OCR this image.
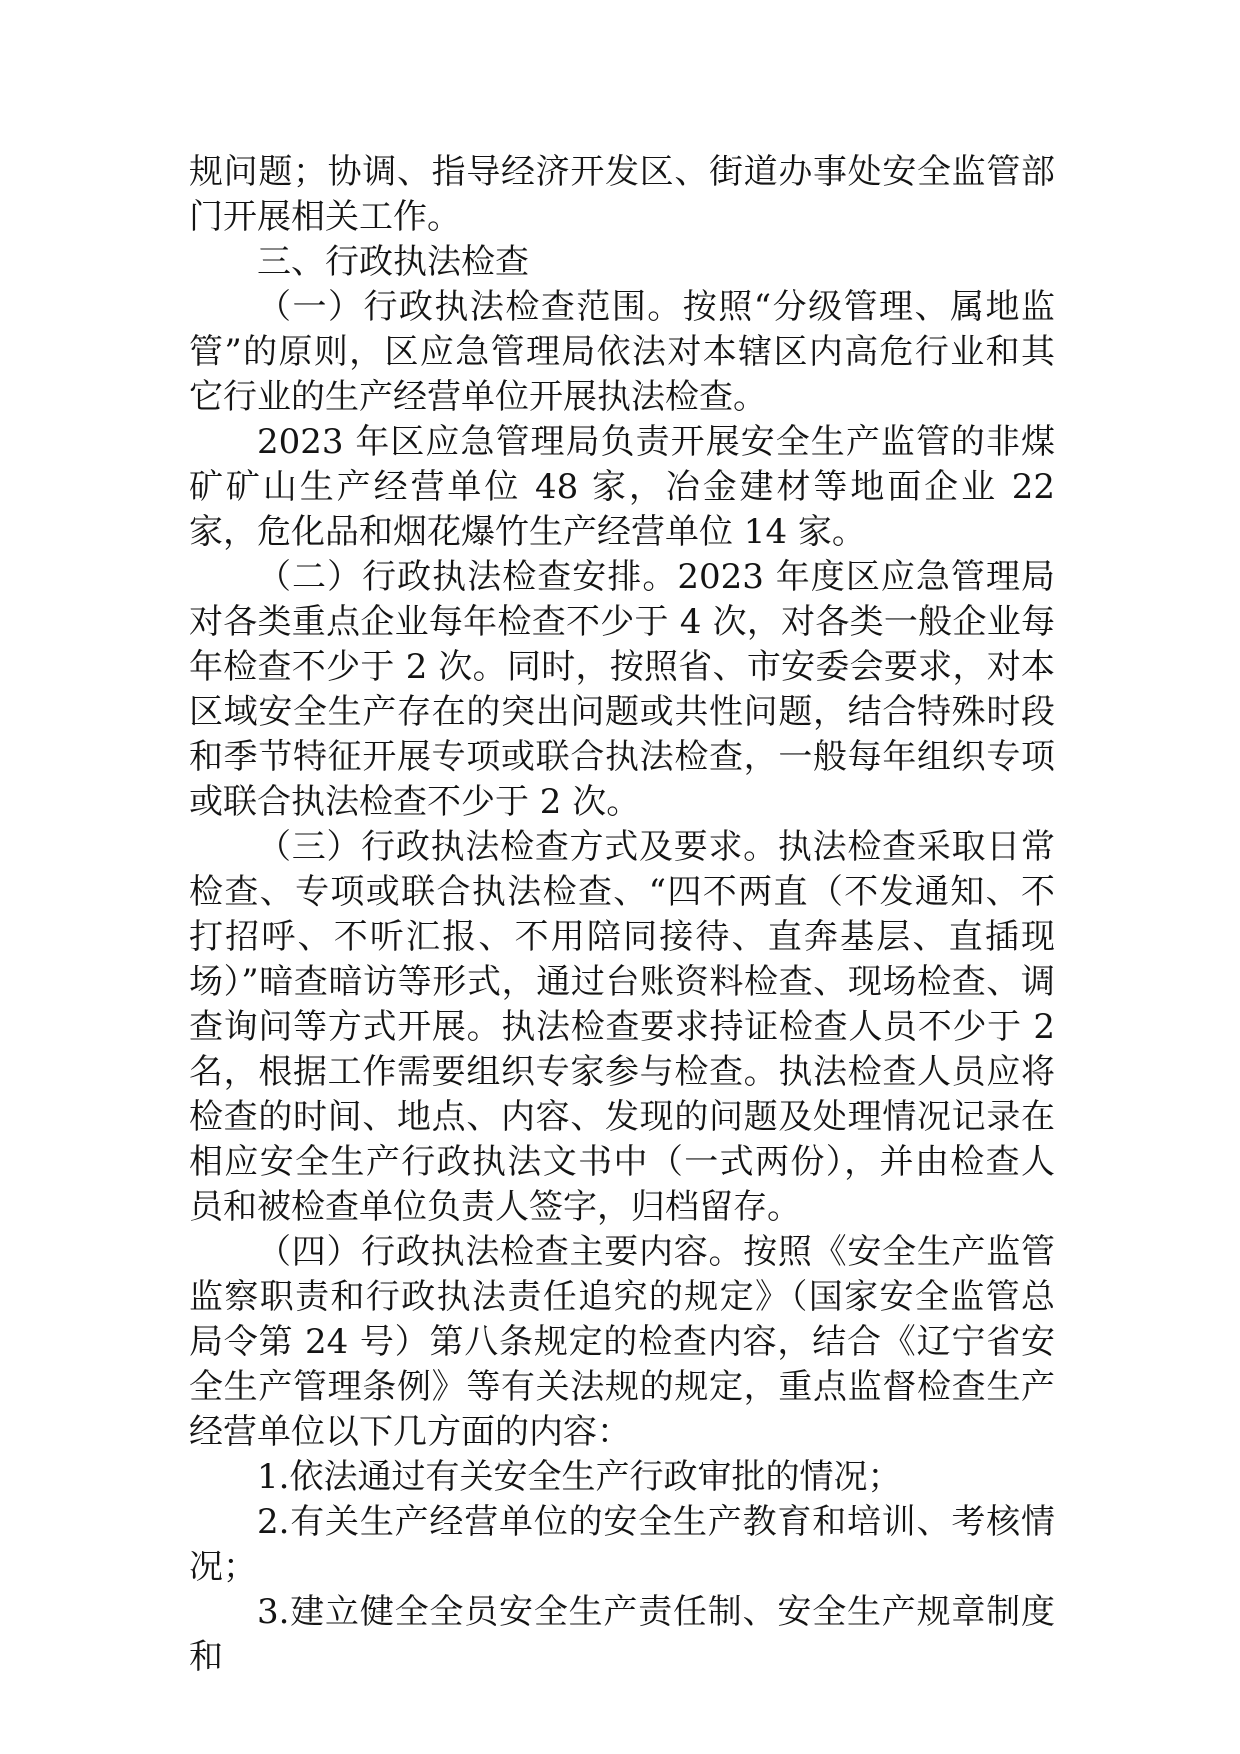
规问题；协调、指导经济开发区、街道办事处安全监管部门开展相关工作。

三、行政执法检查

（一）行政执法检查范围。按照“分级管理、属地监管”的原则，区应急管理局依法对本辖区内高危行业和其它行业的生产经营单位开展执法检查。

2023 年区应急管理局负责开展安全生产监管的非煤矿矿山生产经营单位 48 家，冶金建材等地面企业 22 家，危化品和烟花爆竹生产经营单位 14 家。

（二）行政执法检查安排。2023 年度区应急管理局对各类重点企业每年检查不少于 4 次，对各类一般企业每年检查不少于 2 次。同时，按照省、市安委会要求，对本区域安全生产存在的突出问题或共性问题，结合特殊时段和季节特征开展专项或联合执法检查，一般每年组织专项或联合执法检查不少于 2 次。

（三）行政执法检查方式及要求。执法检查采取日常检查、专项或联合执法检查、“四不两直（不发通知、不打招呼、不听汇报、不用陪同接待、直奔基层、直插现场）”暗查暗访等形式，通过台账资料检查、现场检查、调查询问等方式开展。执法检查要求持证检查人员不少于 2 名，根据工作需要组织专家参与检查。执法检查人员应将检查的时间、地点、内容、发现的问题及处理情况记录在相应安全生产行政执法文书中（一式两份），并由检查人员和被检查单位负责人签字，归档留存。

（四）行政执法检查主要内容。按照《安全生产监管监察职责和行政执法责任追究的规定》（国家安全监管总局令第 24 号）第八条规定的检查内容，结合《辽宁省安全生产管理条例》等有关法规的规定，重点监督检查生产经营单位以下几方面的内容：

1.依法通过有关安全生产行政审批的情况；

2.有关生产经营单位的安全生产教育和培训、考核情况；

3.建立健全全员安全生产责任制、安全生产规章制度和
